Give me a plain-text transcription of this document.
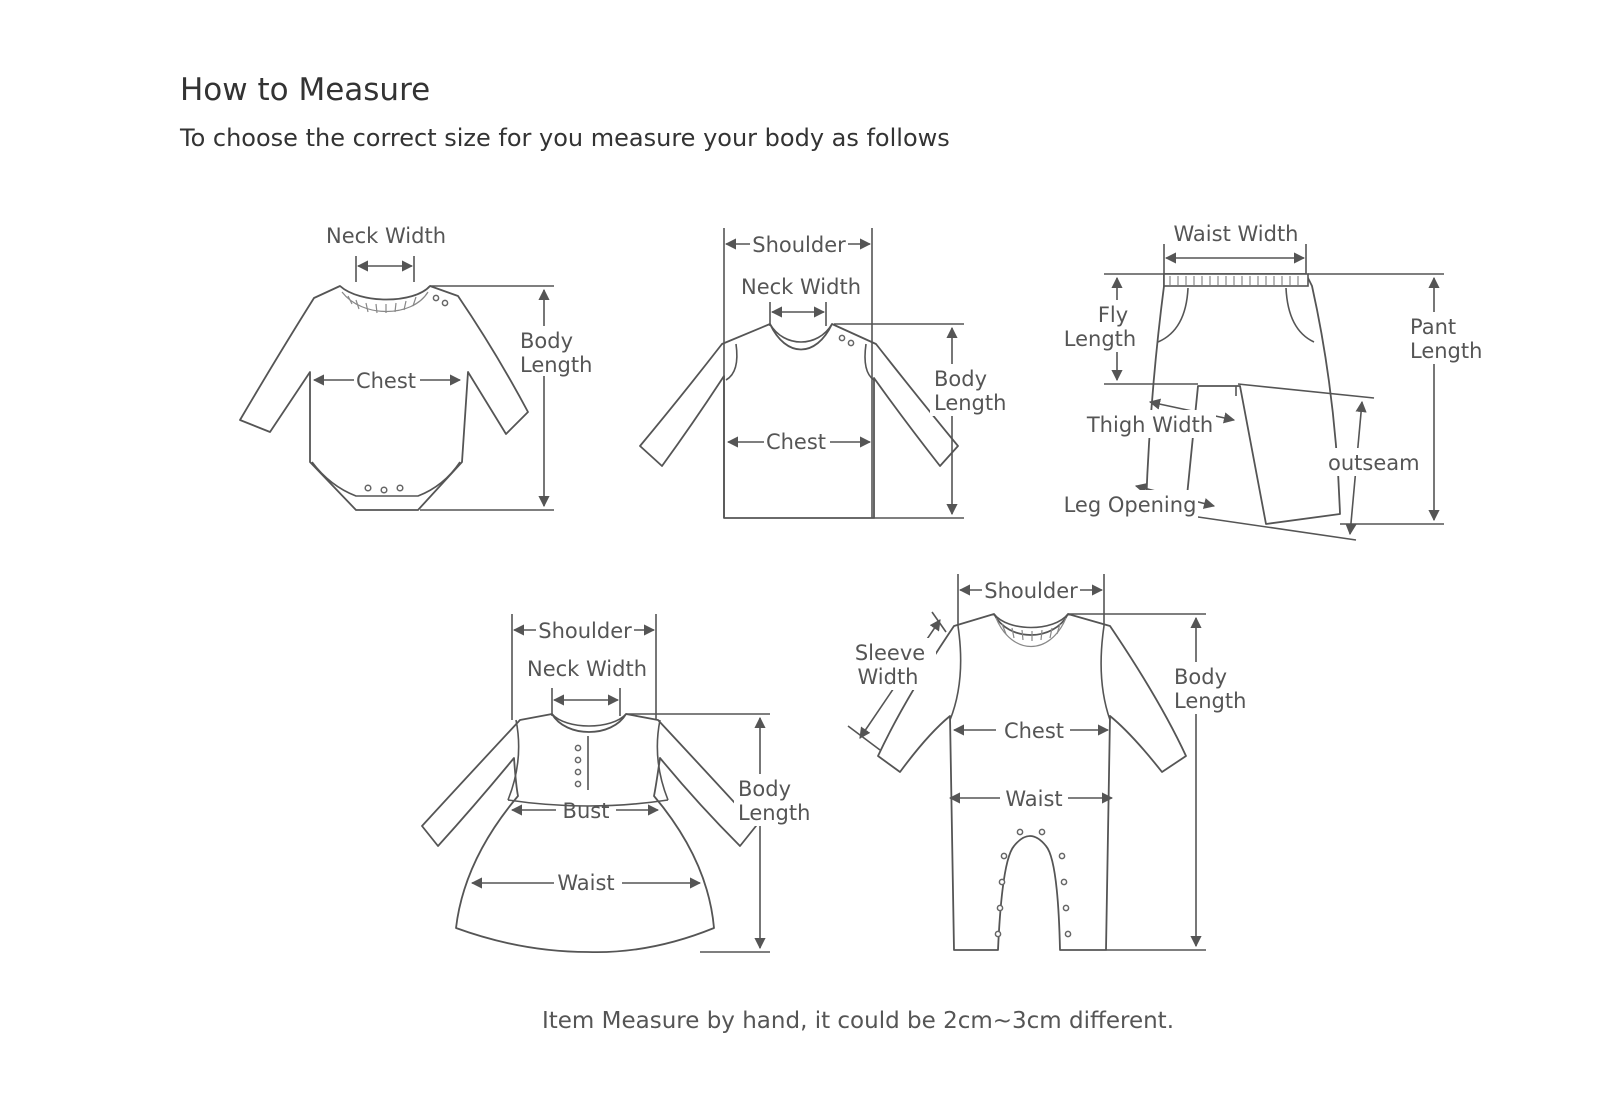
How to Measure

To choose the correct size for you measure your body as follows

Neck Width
Chest
Body
Length
Shoulder
Neck Width
Chest
Body
Length
Waist Width
Fly
Length	Pant
Length
outseam
Thigh Width
Leg Opening
Shoulder
Neck Width
Bust
Waist
Body
Length
Shoulder
Sleeve
Width
Chest
Waist
Body
Length

Item Measure by hand, it could be 2cm~3cm different.
